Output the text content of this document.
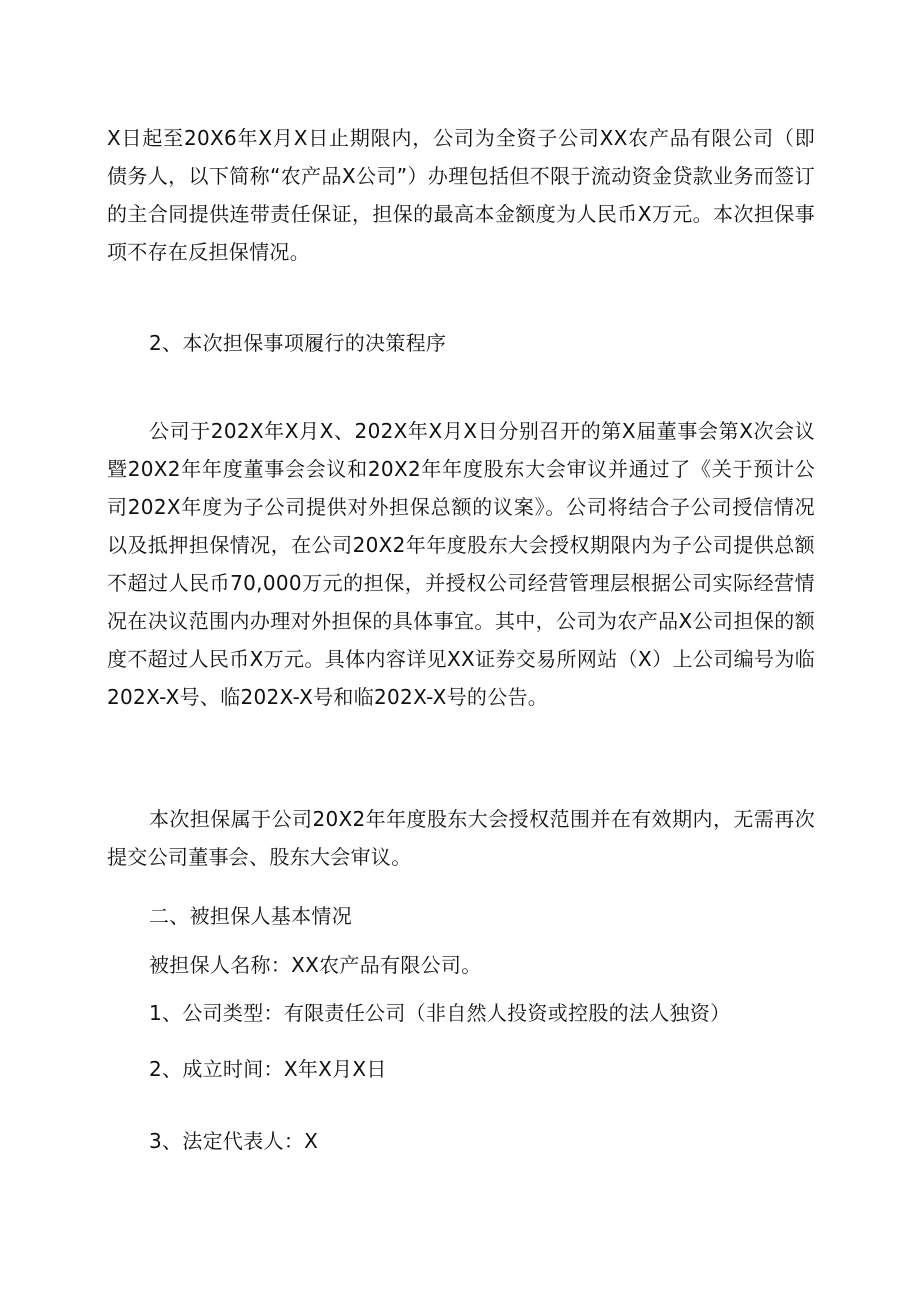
X日起至20X6年X月X日止期限内，公司为全资子公司XX农产品有限公司（即债务人，以下简称“农产品X公司”）办理包括但不限于流动资金贷款业务而签订的主合同提供连带责任保证，担保的最高本金额度为人民币X万元。本次担保事项不存在反担保情况。

2、本次担保事项履行的决策程序

公司于202X年X月X、202X年X月X日分别召开的第X届董事会第X次会议暨20X2年年度董事会会议和20X2年年度股东大会审议并通过了《关于预计公司202X年度为子公司提供对外担保总额的议案》。公司将结合子公司授信情况以及抵押担保情况，在公司20X2年年度股东大会授权期限内为子公司提供总额不超过人民币70,000万元的担保，并授权公司经营管理层根据公司实际经营情况在决议范围内办理对外担保的具体事宜。其中，公司为农产品X公司担保的额度不超过人民币X万元。具体内容详见XX证券交易所网站（X）上公司编号为临202X-X号、临202X-X号和临202X-X号的公告。

本次担保属于公司20X2年年度股东大会授权范围并在有效期内，无需再次提交公司董事会、股东大会审议。

二、被担保人基本情况

被担保人名称：XX农产品有限公司。

1、公司类型：有限责任公司（非自然人投资或控股的法人独资）

2、成立时间：X年X月X日

3、法定代表人：X
